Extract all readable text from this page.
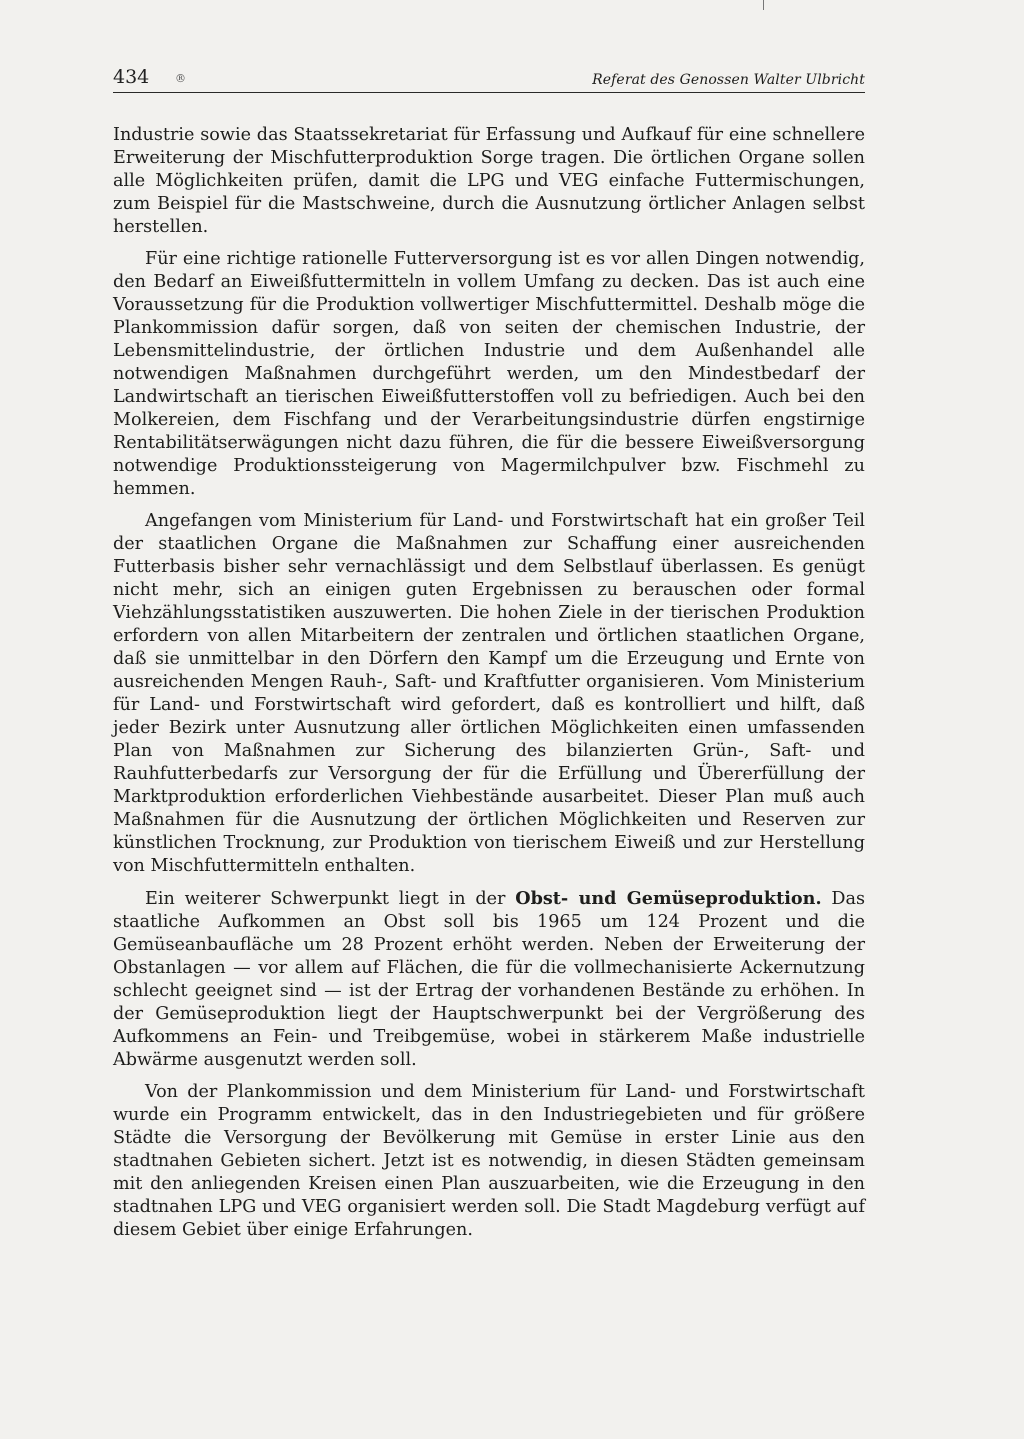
434 ®	Referat des Genossen Walter Ulbricht

Industrie sowie das Staatssekretariat für Erfassung und Aufkauf für eine schnellere Erweiterung der Mischfutterproduktion Sorge tragen. Die örtlichen Organe sollen alle Möglichkeiten prüfen, damit die LPG und VEG einfache Futtermischungen, zum Beispiel für die Mastschweine, durch die Ausnutzung örtlicher Anlagen selbst herstellen.

Für eine richtige rationelle Futterversorgung ist es vor allen Dingen notwendig, den Bedarf an Eiweißfuttermitteln in vollem Umfang zu decken. Das ist auch eine Voraussetzung für die Produktion vollwertiger Mischfuttermittel. Deshalb möge die Plankommission dafür sorgen, daß von seiten der chemischen Industrie, der Lebensmittelindustrie, der örtlichen Industrie und dem Außenhandel alle notwendigen Maßnahmen durchgeführt werden, um den Mindestbedarf der Landwirtschaft an tierischen Eiweißfutterstoffen voll zu befriedigen. Auch bei den Molkereien, dem Fischfang und der Verarbeitungsindustrie dürfen engstirnige Rentabilitätserwägungen nicht dazu führen, die für die bessere Eiweißversorgung notwendige Produktionssteigerung von Magermilchpulver bzw. Fischmehl zu hemmen.

Angefangen vom Ministerium für Land- und Forstwirtschaft hat ein großer Teil der staatlichen Organe die Maßnahmen zur Schaffung einer ausreichenden Futterbasis bisher sehr vernachlässigt und dem Selbstlauf überlassen. Es genügt nicht mehr, sich an einigen guten Ergebnissen zu berauschen oder formal Viehzählungsstatistiken auszuwerten. Die hohen Ziele in der tierischen Produktion erfordern von allen Mitarbeitern der zentralen und örtlichen staatlichen Organe, daß sie unmittelbar in den Dörfern den Kampf um die Erzeugung und Ernte von ausreichenden Mengen Rauh-, Saft- und Kraftfutter organisieren. Vom Ministerium für Land- und Forstwirtschaft wird gefordert, daß es kontrolliert und hilft, daß jeder Bezirk unter Ausnutzung aller örtlichen Möglichkeiten einen umfassenden Plan von Maßnahmen zur Sicherung des bilanzierten Grün-, Saft- und Rauhfutterbedarfs zur Versorgung der für die Erfüllung und Übererfüllung der Marktproduktion erforderlichen Viehbestände ausarbeitet. Dieser Plan muß auch Maßnahmen für die Ausnutzung der örtlichen Möglichkeiten und Reserven zur künstlichen Trocknung, zur Produktion von tierischem Eiweiß und zur Herstellung von Mischfuttermitteln enthalten.

Ein weiterer Schwerpunkt liegt in der Obst- und Gemüseproduktion. Das staatliche Aufkommen an Obst soll bis 1965 um 124 Prozent und die Gemüseanbaufläche um 28 Prozent erhöht werden. Neben der Erweiterung der Obstanlagen — vor allem auf Flächen, die für die vollmechanisierte Ackernutzung schlecht geeignet sind — ist der Ertrag der vorhandenen Bestände zu erhöhen. In der Gemüseproduktion liegt der Hauptschwerpunkt bei der Vergrößerung des Aufkommens an Fein- und Treibgemüse, wobei in stärkerem Maße industrielle Abwärme ausgenutzt werden soll.

Von der Plankommission und dem Ministerium für Land- und Forstwirtschaft wurde ein Programm entwickelt, das in den Industriegebieten und für größere Städte die Versorgung der Bevölkerung mit Gemüse in erster Linie aus den stadtnahen Gebieten sichert. Jetzt ist es notwendig, in diesen Städten gemeinsam mit den anliegenden Kreisen einen Plan auszuarbeiten, wie die Erzeugung in den stadtnahen LPG und VEG organisiert werden soll. Die Stadt Magdeburg verfügt auf diesem Gebiet über einige Erfahrungen.
